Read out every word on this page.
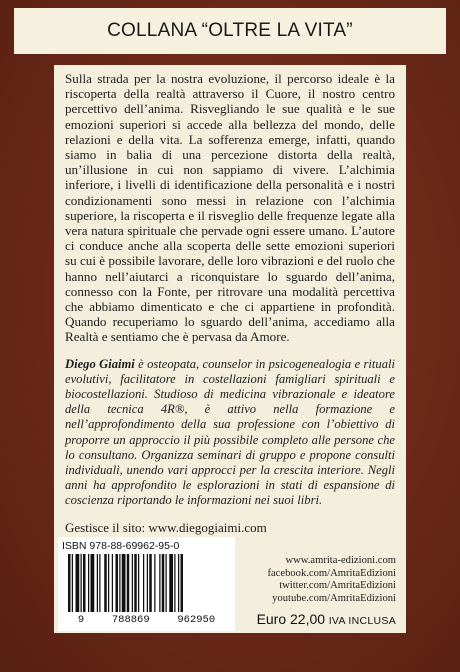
COLLANA “OLTRE LA VITA”

Sulla strada per la nostra evoluzione, il percorso ideale è la riscoperta della realtà attraverso il Cuore, il nostro centro percettivo dell’anima. Risvegliando le sue qualità e le sue emozioni superiori si accede alla bellezza del mondo, delle relazioni e della vita. La sofferenza emerge, infatti, quando siamo in balia di una percezione distorta della realtà, un’illusione in cui non sappiamo di vivere. L’alchimia inferiore, i livelli di identificazione della personalità e i nostri condizionamenti sono messi in relazione con l’alchimia superiore, la riscoperta e il risveglio delle frequenze legate alla vera natura spirituale che pervade ogni essere umano. L’autore ci conduce anche alla scoperta delle sette emozioni superiori su cui è possibile lavorare, delle loro vibrazioni e del ruolo che hanno nell’aiutarci a riconquistare lo sguardo dell’anima, connesso con la Fonte, per ritrovare una modalità percettiva che abbiamo dimenticato e che ci appartiene in profondità. Quando recuperiamo lo sguardo dell’anima, accediamo alla Realtà e sentiamo che è pervasa da Amore.

Diego Giaimi è osteopata, counselor in psicogenealogia e rituali evolutivi, facilitatore in costellazioni famigliari spirituali e biocostellazioni. Studioso di medicina vibrazionale e ideatore della tecnica 4R®, è attivo nella formazione e nell’approfondimento della sua professione con l’obiettivo di proporre un approccio il più possibile completo alle persone che lo consultano. Organizza seminari di gruppo e propone consulti individuali, unendo vari approcci per la crescita interiore. Negli anni ha approfondito le esplorazioni in stati di espansione di coscienza riportando le informazioni nei suoi libri.

Gestisce il sito: www.diegogiaimi.com

ISBN 978-88-69962-95-0
9	788869	962950
www.amrita-edizioni.com
facebook.com/AmritaEdizioni
twitter.com/AmritaEdizioni
youtube.com/AmritaEdizioni
Euro 22,00 IVA INCLUSA
